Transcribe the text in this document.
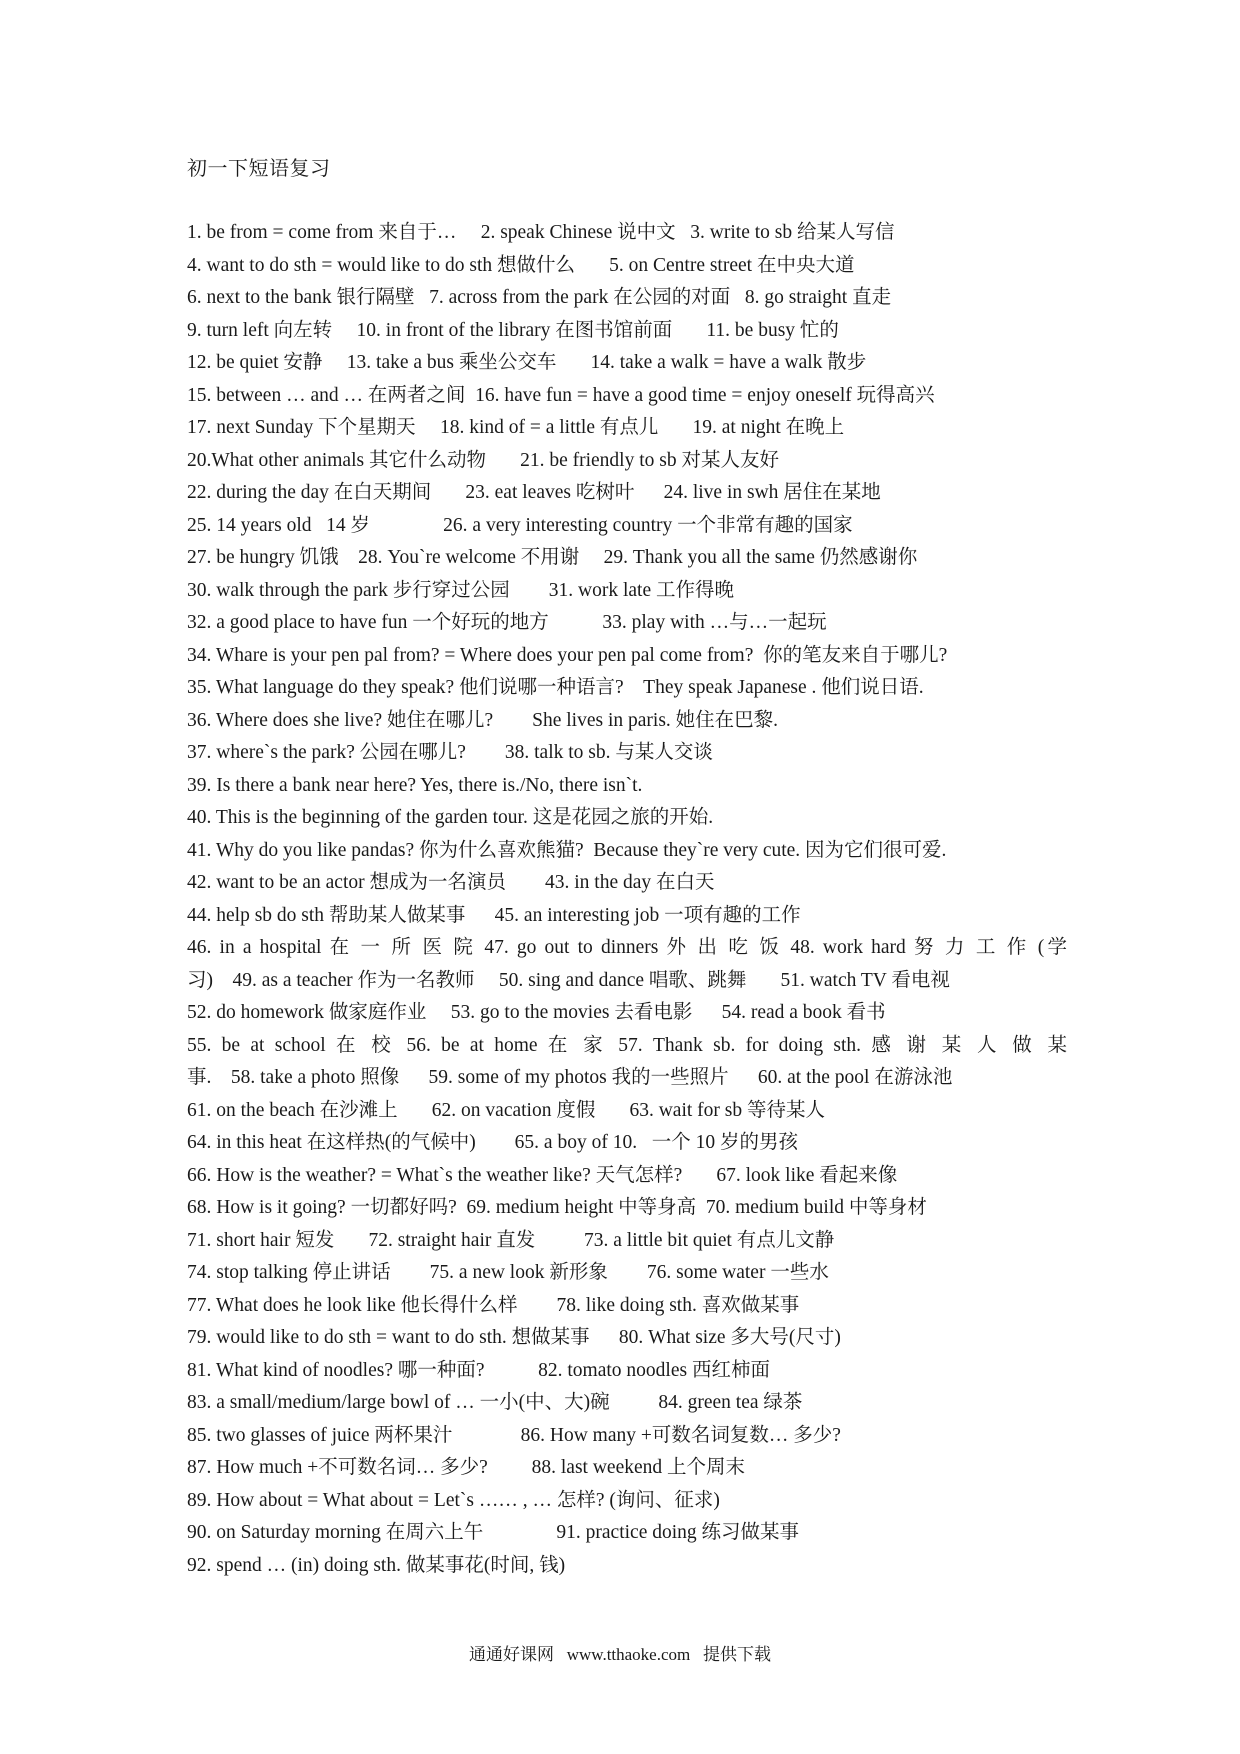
初一下短语复习
1. be from = come from 来自于…     2. speak Chinese 说中文   3. write to sb 给某人写信
4. want to do sth = would like to do sth 想做什么       5. on Centre street 在中央大道
6. next to the bank 银行隔壁   7. across from the park 在公园的对面   8. go straight 直走
9. turn left 向左转     10. in front of the library 在图书馆前面       11. be busy 忙的
12. be quiet 安静     13. take a bus 乘坐公交车       14. take a walk = have a walk 散步
15. between … and … 在两者之间  16. have fun = have a good time = enjoy oneself 玩得高兴
17. next Sunday 下个星期天     18. kind of = a little 有点儿       19. at night 在晚上
20.What other animals 其它什么动物       21. be friendly to sb 对某人友好
22. during the day 在白天期间       23. eat leaves 吃树叶      24. live in swh 居住在某地
25. 14 years old   14 岁               26. a very interesting country 一个非常有趣的国家
27. be hungry 饥饿    28. You`re welcome 不用谢     29. Thank you all the same 仍然感谢你
30. walk through the park 步行穿过公园        31. work late 工作得晚
32. a good place to have fun 一个好玩的地方           33. play with …与…一起玩
34. Whare is your pen pal from? = Where does your pen pal come from?  你的笔友来自于哪儿?
35. What language do they speak? 他们说哪一种语言?    They speak Japanese . 他们说日语.
36. Where does she live? 她住在哪儿?        She lives in paris. 她住在巴黎.
37. where`s the park? 公园在哪儿?        38. talk to sb. 与某人交谈
39. Is there a bank near here? Yes, there is./No, there isn`t.
40. This is the beginning of the garden tour. 这是花园之旅的开始.
41. Why do you like pandas? 你为什么喜欢熊猫?  Because they`re very cute. 因为它们很可爱.
42. want to be an actor 想成为一名演员        43. in the day 在白天
44. help sb do sth 帮助某人做某事      45. an interesting job 一项有趣的工作
46. in a hospital 在 一 所 医 院 47. go out to dinners 外 出 吃 饭 48. work hard 努 力 工 作 (学
习)    49. as a teacher 作为一名教师     50. sing and dance 唱歌、跳舞       51. watch TV 看电视
52. do homework 做家庭作业     53. go to the movies 去看电影      54. read a book 看书
55. be at school 在 校 56. be at home 在 家 57. Thank sb. for doing sth. 感 谢 某 人 做 某
事.    58. take a photo 照像      59. some of my photos 我的一些照片      60. at the pool 在游泳池
61. on the beach 在沙滩上       62. on vacation 度假       63. wait for sb 等待某人
64. in this heat 在这样热(的气候中)        65. a boy of 10.   一个 10 岁的男孩
66. How is the weather? = What`s the weather like? 天气怎样?       67. look like 看起来像
68. How is it going? 一切都好吗?  69. medium height 中等身高  70. medium build 中等身材
71. short hair 短发       72. straight hair 直发          73. a little bit quiet 有点儿文静
74. stop talking 停止讲话        75. a new look 新形象        76. some water 一些水
77. What does he look like 他长得什么样        78. like doing sth. 喜欢做某事
79. would like to do sth = want to do sth. 想做某事      80. What size 多大号(尺寸)
81. What kind of noodles? 哪一种面?           82. tomato noodles 西红柿面
83. a small/medium/large bowl of … 一小(中、大)碗          84. green tea 绿茶
85. two glasses of juice 两杯果汁              86. How many +可数名词复数… 多少?
87. How much +不可数名词… 多少?         88. last weekend 上个周末
89. How about = What about = Let`s …… , … 怎样? (询问、征求)
90. on Saturday morning 在周六上午               91. practice doing 练习做某事
92. spend … (in) doing sth. 做某事花(时间, 钱)
通通好课网   www.tthaoke.com   提供下载
